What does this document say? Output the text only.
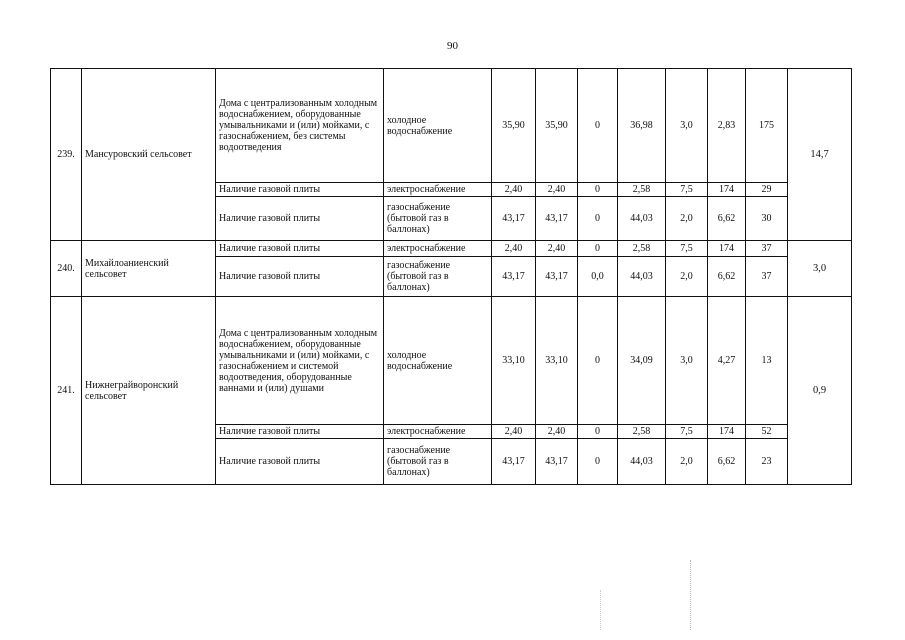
90
239.	Мансуровский сельсовет	Дома с централизованным холодным водоснабжением, оборудованные умывальниками и (или) мойками, с газоснабжением, без системы водоотведения	холодное водоснабжение	35,90	35,90	0	36,98	3,0	2,83	175	14,7
		Наличие газовой плиты	электроснабжение	2,40	2,40	0	2,58	7,5	174	29	
		Наличие газовой плиты	газоснабжение (бытовой газ в баллонах)	43,17	43,17	0	44,03	2,0	6,62	30	
240.	Михайлоаниенский сельсовет	Наличие газовой плиты	электроснабжение	2,40	2,40	0	2,58	7,5	174	37	3,0
		Наличие газовой плиты	газоснабжение (бытовой газ в баллонах)	43,17	43,17	0,0	44,03	2,0	6,62	37	
241.	Нижнеграйворонский сельсовет	Дома с централизованным холодным водоснабжением, оборудованные умывальниками и (или) мойками, с газоснабжением и системой водоотведения, оборудованные ваннами и (или) душами	холодное водоснабжение	33,10	33,10	0	34,09	3,0	4,27	13	0,9
		Наличие газовой плиты	электроснабжение	2,40	2,40	0	2,58	7,5	174	52	
		Наличие газовой плиты	газоснабжение (бытовой газ в баллонах)	43,17	43,17	0	44,03	2,0	6,62	23	
